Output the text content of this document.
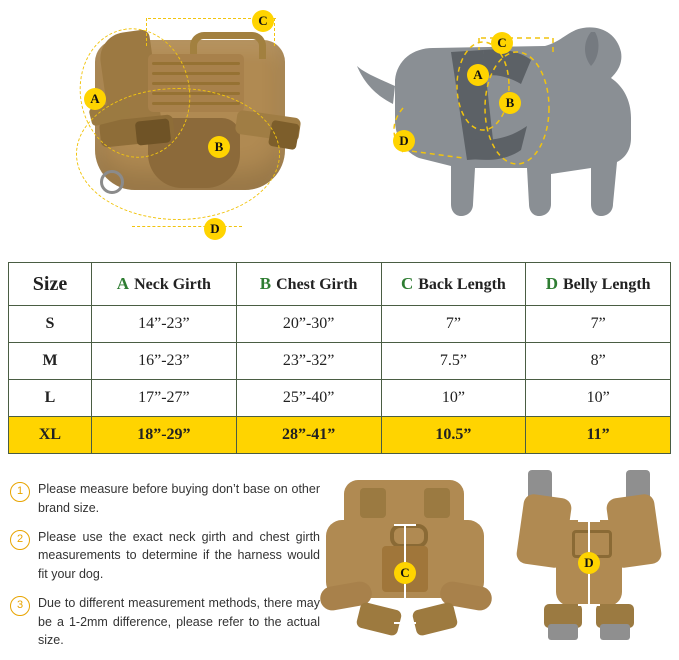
A
B
C
D
A
B
C
D
Size	A Neck Girth	B Chest Girth	C Back Length	D Belly Length
S	14”-23”	20”-30”	7”	7”
M	16”-23”	23”-32”	7.5”	8”
L	17”-27”	25”-40”	10”	10”
XL	18”-29”	28”-41”	10.5”	11”
1	Please measure before buying don’t base on other brand size.
2	Please use the exact neck girth and chest girth measurements to determine if the harness would fit your dog.
3	Due to different measurement methods, there may be a 1-2mm difference, please refer to the actual size.
C
D
